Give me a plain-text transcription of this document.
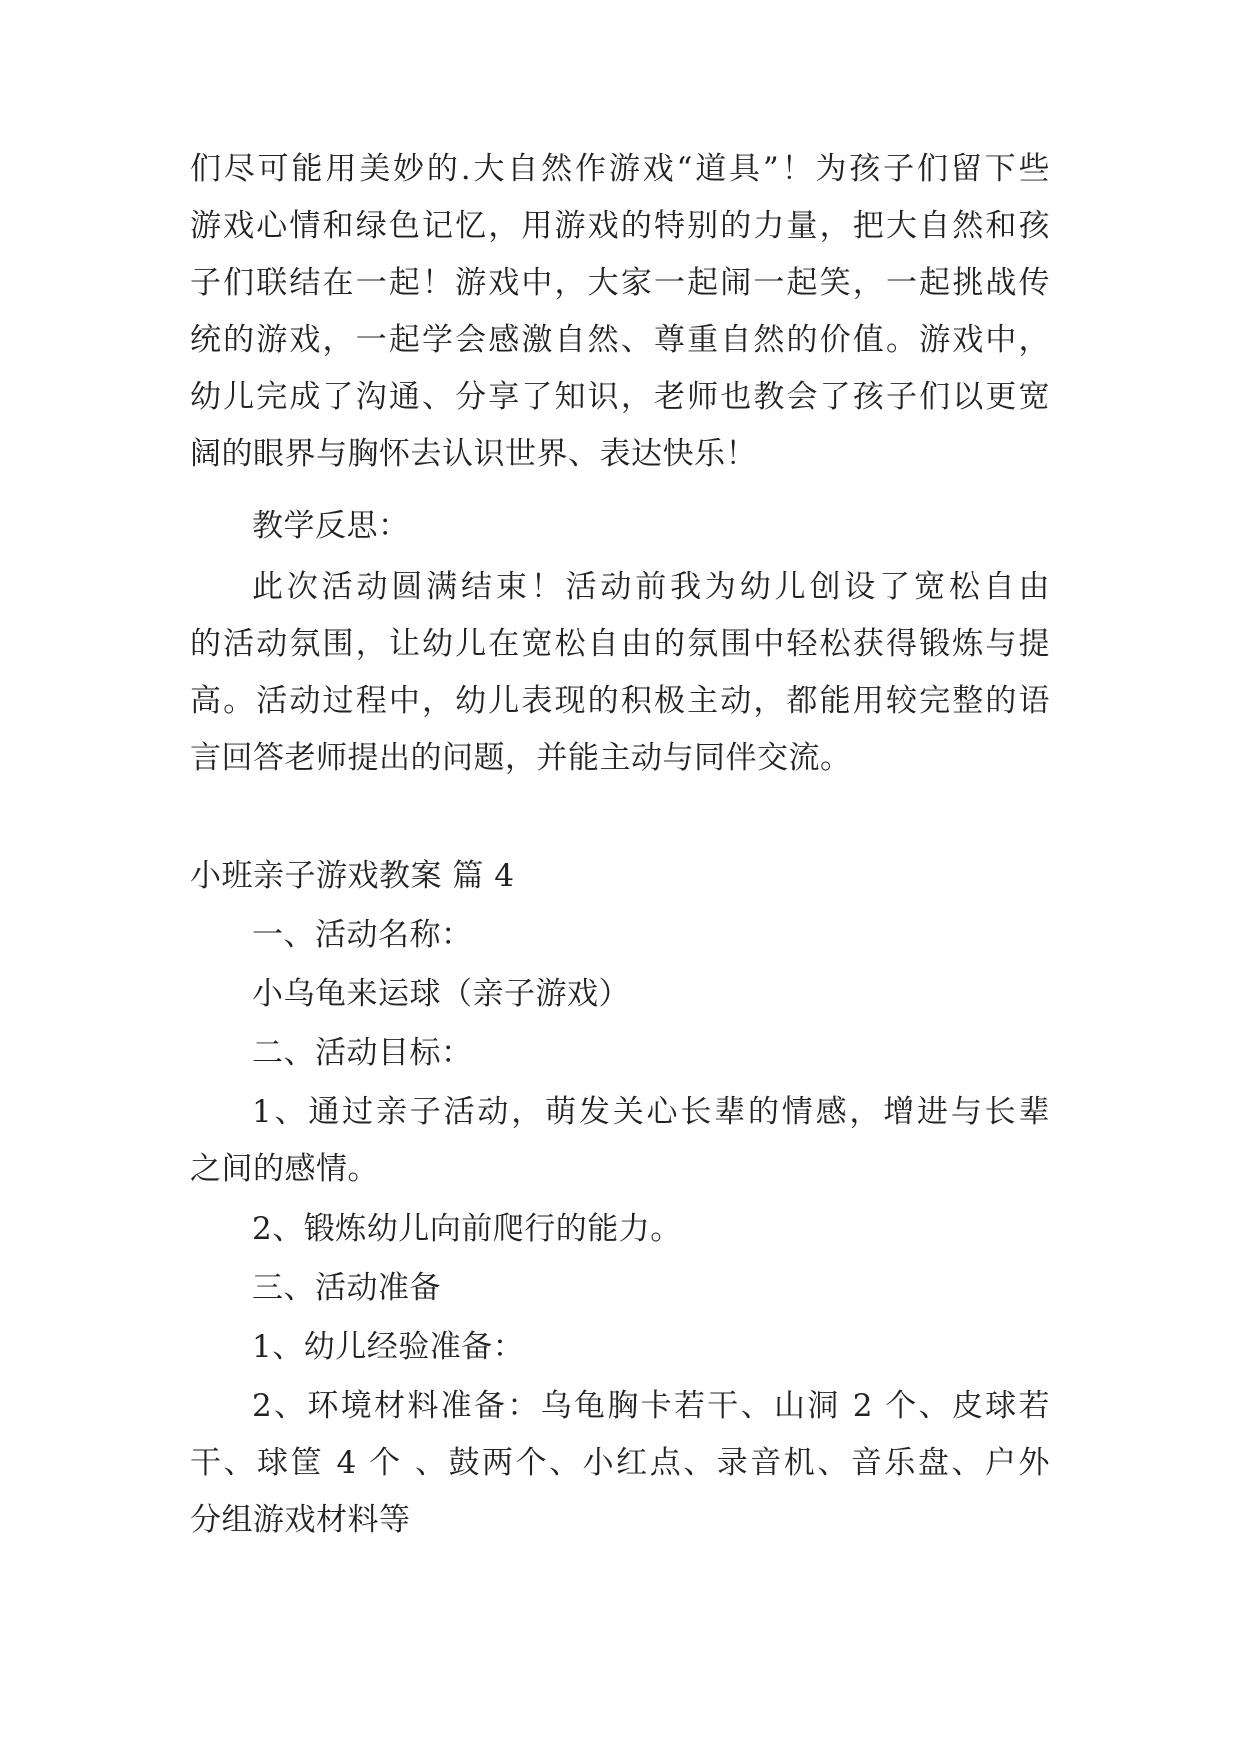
们尽可能用美妙的.大自然作游戏“道具”！为孩子们留下些
游戏心情和绿色记忆，用游戏的特别的力量，把大自然和孩
子们联结在一起！游戏中，大家一起闹一起笑，一起挑战传
统的游戏，一起学会感激自然、尊重自然的价值。游戏中，
幼儿完成了沟通、分享了知识，老师也教会了孩子们以更宽
阔的眼界与胸怀去认识世界、表达快乐！
教学反思：
此次活动圆满结束！活动前我为幼儿创设了宽松自由
的活动氛围，让幼儿在宽松自由的氛围中轻松获得锻炼与提
高。活动过程中，幼儿表现的积极主动，都能用较完整的语
言回答老师提出的问题，并能主动与同伴交流。
小班亲子游戏教案 篇 4
一、活动名称：
小乌龟来运球（亲子游戏）
二、活动目标：
1、通过亲子活动，萌发关心长辈的情感，增进与长辈
之间的感情。
2、锻炼幼儿向前爬行的能力。
三、活动准备
1、幼儿经验准备：
2、环境材料准备：乌龟胸卡若干、山洞 2 个、皮球若
干、球筐 4 个 、鼓两个、小红点、录音机、音乐盘、户外
分组游戏材料等
